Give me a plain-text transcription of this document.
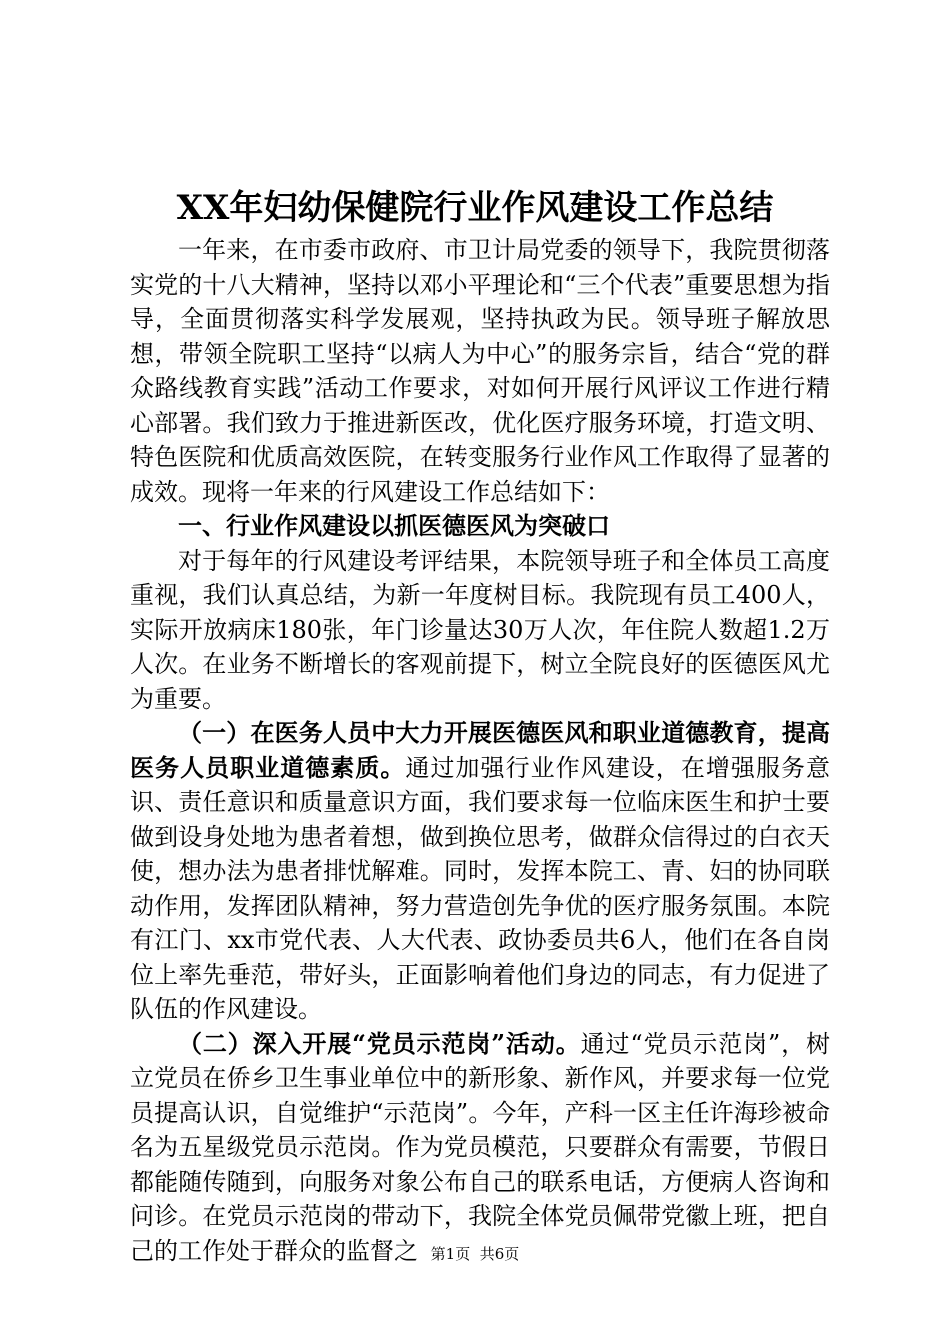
XX年妇幼保健院行业作风建设工作总结

一年来，在市委市政府、市卫计局党委的领导下，我院贯彻落实党的十八大精神，坚持以邓小平理论和“三个代表”重要思想为指导，全面贯彻落实科学发展观，坚持执政为民。领导班子解放思想，带领全院职工坚持“以病人为中心”的服务宗旨，结合“党的群众路线教育实践”活动工作要求，对如何开展行风评议工作进行精心部署。我们致力于推进新医改，优化医疗服务环境，打造文明、特色医院和优质高效医院，在转变服务行业作风工作取得了显著的成效。现将一年来的行风建设工作总结如下：

一、行业作风建设以抓医德医风为突破口

对于每年的行风建设考评结果，本院领导班子和全体员工高度重视，我们认真总结，为新一年度树目标。我院现有员工400人，实际开放病床180张，年门诊量达30万人次，年住院人数超1.2万人次。在业务不断增长的客观前提下，树立全院良好的医德医风尤为重要。

（一）在医务人员中大力开展医德医风和职业道德教育，提高医务人员职业道德素质。通过加强行业作风建设，在增强服务意识、责任意识和质量意识方面，我们要求每一位临床医生和护士要做到设身处地为患者着想，做到换位思考，做群众信得过的白衣天使，想办法为患者排忧解难。同时，发挥本院工、青、妇的协同联动作用，发挥团队精神，努力营造创先争优的医疗服务氛围。本院有江门、xx市党代表、人大代表、政协委员共6人，他们在各自岗位上率先垂范，带好头，正面影响着他们身边的同志，有力促进了队伍的作风建设。

（二）深入开展“党员示范岗”活动。通过“党员示范岗”，树立党员在侨乡卫生事业单位中的新形象、新作风，并要求每一位党员提高认识，自觉维护“示范岗”。今年，产科一区主任许海珍被命名为五星级党员示范岗。作为党员模范，只要群众有需要，节假日都能随传随到，向服务对象公布自己的联系电话，方便病人咨询和问诊。在党员示范岗的带动下，我院全体党员佩带党徽上班，把自己的工作处于群众的监督之 第1页 共6页
